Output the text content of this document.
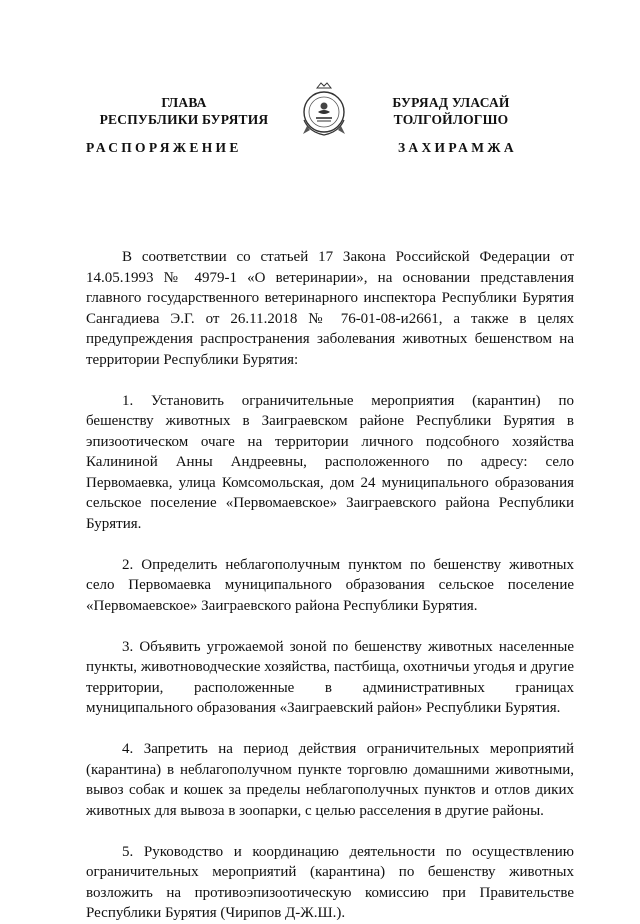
ГЛАВА
РЕСПУБЛИКИ БУРЯТИЯ
БУРЯАД УЛАСАЙ
ТОЛГОЙЛОГШО
РАСПОРЯЖЕНИЕ	ЗАХИРАМЖА

В соответствии со статьей 17 Закона Российской Федерации от 14.05.1993 № 4979-1 «О ветеринарии», на основании представления главного государственного ветеринарного инспектора Республики Бурятия Сангадиева Э.Г. от 26.11.2018 № 76-01-08-и2661, а также в целях предупреждения распространения заболевания животных бешенством на территории Республики Бурятия:

1. Установить ограничительные мероприятия (карантин) по бешенству животных в Заиграевском районе Республики Бурятия в эпизоотическом очаге на территории личного подсобного хозяйства Калининой Анны Андреевны, расположенного по адресу: село Первомаевка, улица Комсомольская, дом 24 муниципального образования сельское поселение «Первомаевское» Заиграевского района Республики Бурятия.

2. Определить неблагополучным пунктом по бешенству животных село Первомаевка муниципального образования сельское поселение «Первомаевское» Заиграевского района Республики Бурятия.

3. Объявить угрожаемой зоной по бешенству животных населенные пункты, животноводческие хозяйства, пастбища, охотничьи угодья и другие территории, расположенные в административных границах муниципального образования «Заиграевский район» Республики Бурятия.

4. Запретить на период действия ограничительных мероприятий (карантина) в неблагополучном пункте торговлю домашними животными, вывоз собак и кошек за пределы неблагополучных пунктов и отлов диких животных для вывоза в зоопарки, с целью расселения в другие районы.

5. Руководство и координацию деятельности по осуществлению ограничительных мероприятий (карантина) по бешенству животных возложить на противоэпизоотическую комиссию при Правительстве Республики Бурятия (Чирипов Д-Ж.Ш.).
